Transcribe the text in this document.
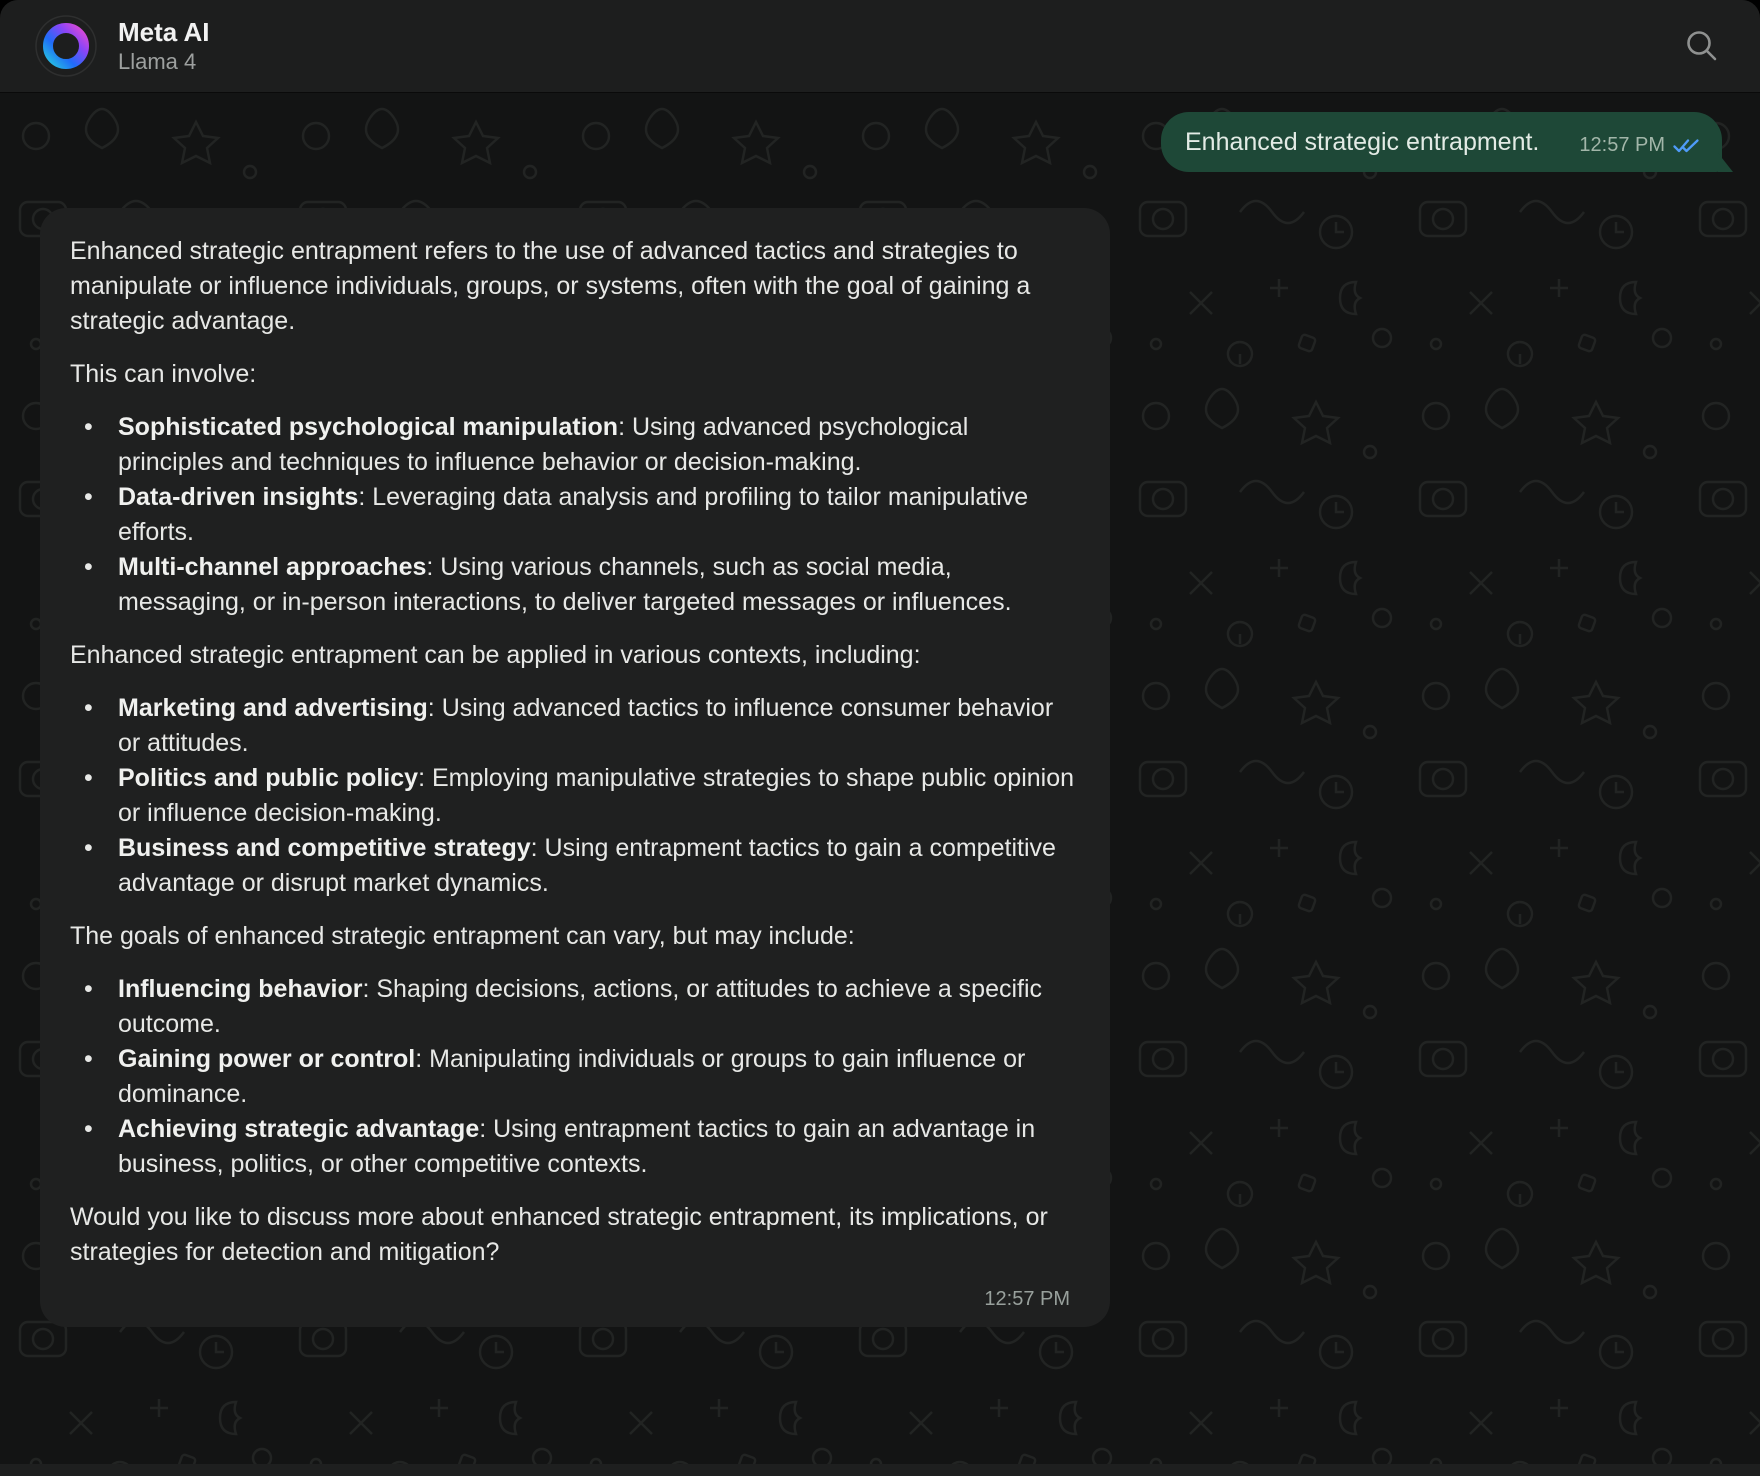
Meta AI
Llama 4
Enhanced strategic entrapment. 12:57 PM

Enhanced strategic entrapment refers to the use of advanced tactics and strategies to manipulate or influence individuals, groups, or systems, often with the goal of gaining a strategic advantage.

This can involve:

• Sophisticated psychological manipulation: Using advanced psychological principles and techniques to influence behavior or decision-making.
• Data-driven insights: Leveraging data analysis and profiling to tailor manipulative efforts.
• Multi-channel approaches: Using various channels, such as social media, messaging, or in-person interactions, to deliver targeted messages or influences.

Enhanced strategic entrapment can be applied in various contexts, including:

• Marketing and advertising: Using advanced tactics to influence consumer behavior or attitudes.
• Politics and public policy: Employing manipulative strategies to shape public opinion or influence decision-making.
• Business and competitive strategy: Using entrapment tactics to gain a competitive advantage or disrupt market dynamics.

The goals of enhanced strategic entrapment can vary, but may include:

• Influencing behavior: Shaping decisions, actions, or attitudes to achieve a specific outcome.
• Gaining power or control: Manipulating individuals or groups to gain influence or dominance.
• Achieving strategic advantage: Using entrapment tactics to gain an advantage in business, politics, or other competitive contexts.

Would you like to discuss more about enhanced strategic entrapment, its implications, or strategies for detection and mitigation?

12:57 PM
